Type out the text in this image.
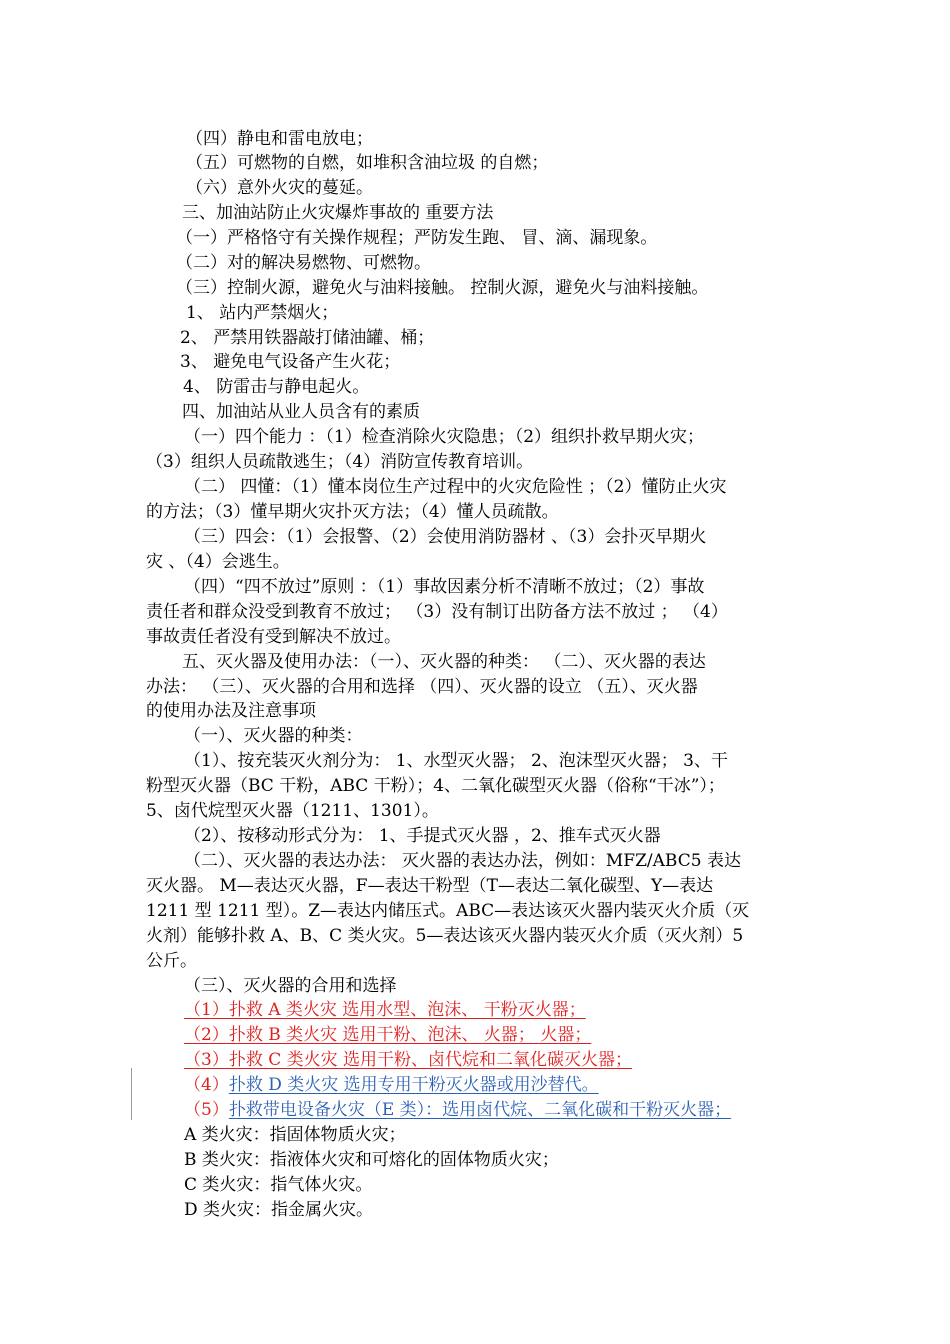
（四）静电和雷电放电；
（五）可燃物的自燃，如堆积含油垃圾 的自燃；
（六）意外火灾的蔓延。
三、加油站防止火灾爆炸事故的 重要方法
（一）严格恪守有关操作规程；严防发生跑、 冒、滴、漏现象。
（二）对的解决易燃物、可燃物。
（三）控制火源，避免火与油料接触。 控制火源，避免火与油料接触。
1、 站内严禁烟火；
2、 严禁用铁器敲打储油罐、桶；
3、 避免电气设备产生火花；
4、 防雷击与静电起火。
四、加油站从业人员含有的素质
（一）四个能力 ：（1）检查消除火灾隐患；（2）组织扑救早期火灾；
（3）组织人员疏散逃生；（4）消防宣传教育培训。
（二） 四懂：（1）懂本岗位生产过程中的火灾危险性 ；（2）懂防止火灾
的方法；（3）懂早期火灾扑灭方法；（4）懂人员疏散。
（三）四会：（1）会报警、（2）会使用消防器材 、（3）会扑灭早期火
灾 、（4）会逃生。
（四）“四不放过”原则 ：（1）事故因素分析不清晰不放过；（2）事故
责任者和群众没受到教育不放过； （3）没有制订出防备方法不放过 ； （4）
事故责任者没有受到解决不放过。
五、灭火器及使用办法：（一）、灭火器的种类： （二）、灭火器的表达
办法： （三）、灭火器的合用和选择 （四）、灭火器的设立 （五）、灭火器
的使用办法及注意事项
（一）、灭火器的种类：
（1）、按充装灭火剂分为： 1、水型灭火器； 2、泡沫型灭火器； 3、干
粉型灭火器（BC 干粉，ABC 干粉）；4、二氧化碳型灭火器（俗称“干冰”）；
5、卤代烷型灭火器（1211、1301）。
（2）、按移动形式分为： 1、手提式灭火器 ，2、推车式灭火器
（二）、灭火器的表达办法： 灭火器的表达办法，例如：MFZ/ABC5 表达
灭火器。 M—表达灭火器，F—表达干粉型（T—表达二氧化碳型、Y—表达
1211 型 1211 型）。Z—表达内储压式。ABC—表达该灭火器内装灭火介质（灭
火剂）能够扑救 A、B、C 类火灾。5—表达该灭火器内装灭火介质（灭火剂）5
公斤。
（三）、灭火器的合用和选择
（1）扑救 A 类火灾 选用水型、泡沫、 干粉灭火器；
（2）扑救 B 类火灾 选用干粉、泡沫、 火器； 火器；
（3）扑救 C 类火灾 选用干粉、卤代烷和二氧化碳灭火器；
（4）扑救 D 类火灾 选用专用干粉灭火器或用沙替代。
（5）扑救带电设备火灾（E 类）：选用卤代烷、二氧化碳和干粉灭火器；
A 类火灾：指固体物质火灾；
B 类火灾：指液体火灾和可熔化的固体物质火灾；
C 类火灾：指气体火灾。
D 类火灾：指金属火灾。
